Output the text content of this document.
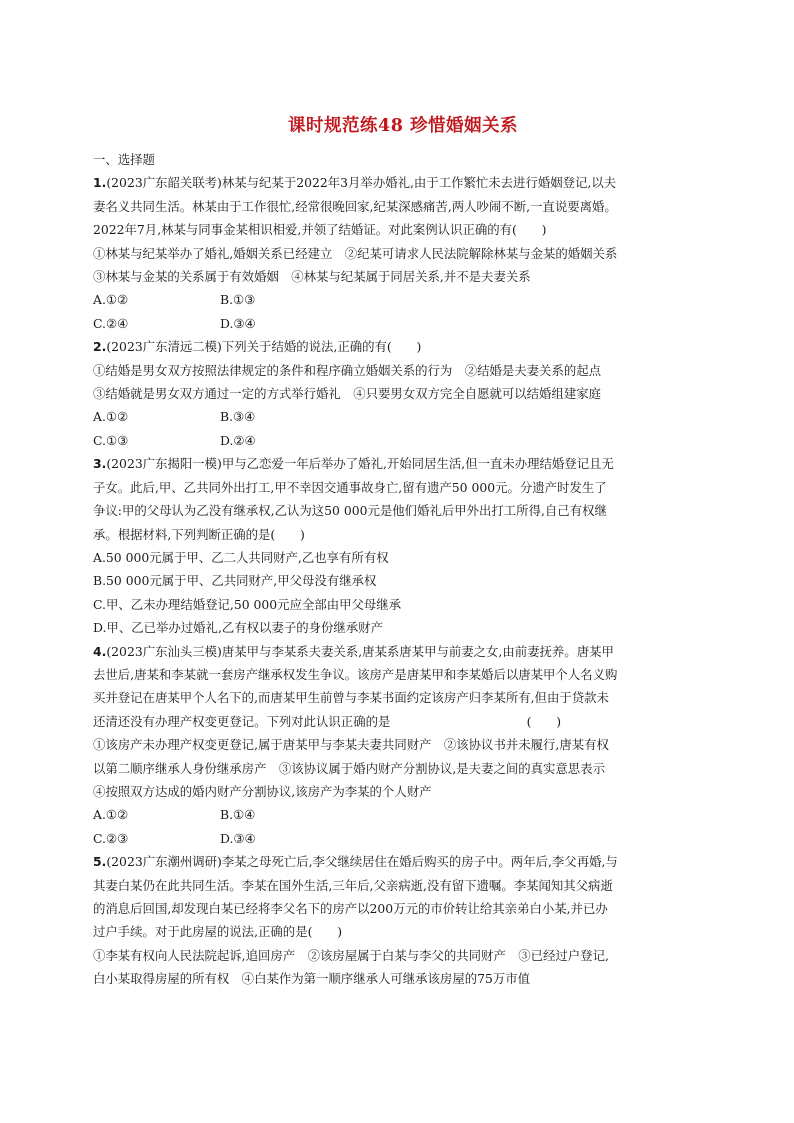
课时规范练48 珍惜婚姻关系

一、选择题

1.(2023广东韶关联考)林某与纪某于2022年3月举办婚礼,由于工作繁忙未去进行婚姻登记,以夫

妻名义共同生活。林某由于工作很忙,经常很晚回家,纪某深感痛苦,两人吵闹不断,一直说要离婚。

2022年7月,林某与同事金某相识相爱,并领了结婚证。对此案例认识正确的有(　　)

①林某与纪某举办了婚礼,婚姻关系已经建立　②纪某可请求人民法院解除林某与金某的婚姻关系

③林某与金某的关系属于有效婚姻　④林某与纪某属于同居关系,并不是夫妻关系

A.①②	B.①③

C.②④	D.③④

2.(2023广东清远二模)下列关于结婚的说法,正确的有(　　)

①结婚是男女双方按照法律规定的条件和程序确立婚姻关系的行为　②结婚是夫妻关系的起点

③结婚就是男女双方通过一定的方式举行婚礼　④只要男女双方完全自愿就可以结婚组建家庭

A.①②	B.③④

C.①③	D.②④

3.(2023广东揭阳一模)甲与乙恋爱一年后举办了婚礼,开始同居生活,但一直未办理结婚登记且无

子女。此后,甲、乙共同外出打工,甲不幸因交通事故身亡,留有遗产50 000元。分遗产时发生了

争议:甲的父母认为乙没有继承权,乙认为这50 000元是他们婚礼后甲外出打工所得,自己有权继

承。根据材料,下列判断正确的是(　　)

A.50 000元属于甲、乙二人共同财产,乙也享有所有权

B.50 000元属于甲、乙共同财产,甲父母没有继承权

C.甲、乙未办理结婚登记,50 000元应全部由甲父母继承

D.甲、乙已举办过婚礼,乙有权以妻子的身份继承财产

4.(2023广东汕头三模)唐某甲与李某系夫妻关系,唐某系唐某甲与前妻之女,由前妻抚养。唐某甲

去世后,唐某和李某就一套房产继承权发生争议。该房产是唐某甲和李某婚后以唐某甲个人名义购

买并登记在唐某甲个人名下的,而唐某甲生前曾与李某书面约定该房产归李某所有,但由于贷款未

还清还没有办理产权变更登记。下列对此认识正确的是　　　　　　　　　　　(　　)

①该房产未办理产权变更登记,属于唐某甲与李某夫妻共同财产　②该协议书并未履行,唐某有权

以第二顺序继承人身份继承房产　③该协议属于婚内财产分割协议,是夫妻之间的真实意思表示

④按照双方达成的婚内财产分割协议,该房产为李某的个人财产

A.①②	B.①④

C.②③	D.③④

5.(2023广东潮州调研)李某之母死亡后,李父继续居住在婚后购买的房子中。两年后,李父再婚,与

其妻白某仍在此共同生活。李某在国外生活,三年后,父亲病逝,没有留下遗嘱。李某闻知其父病逝

的消息后回国,却发现白某已经将李父名下的房产以200万元的市价转让给其亲弟白小某,并已办

过户手续。对于此房屋的说法,正确的是(　　)

①李某有权向人民法院起诉,追回房产　②该房屋属于白某与李父的共同财产　③已经过户登记,

白小某取得房屋的所有权　④白某作为第一顺序继承人可继承该房屋的75万市值
